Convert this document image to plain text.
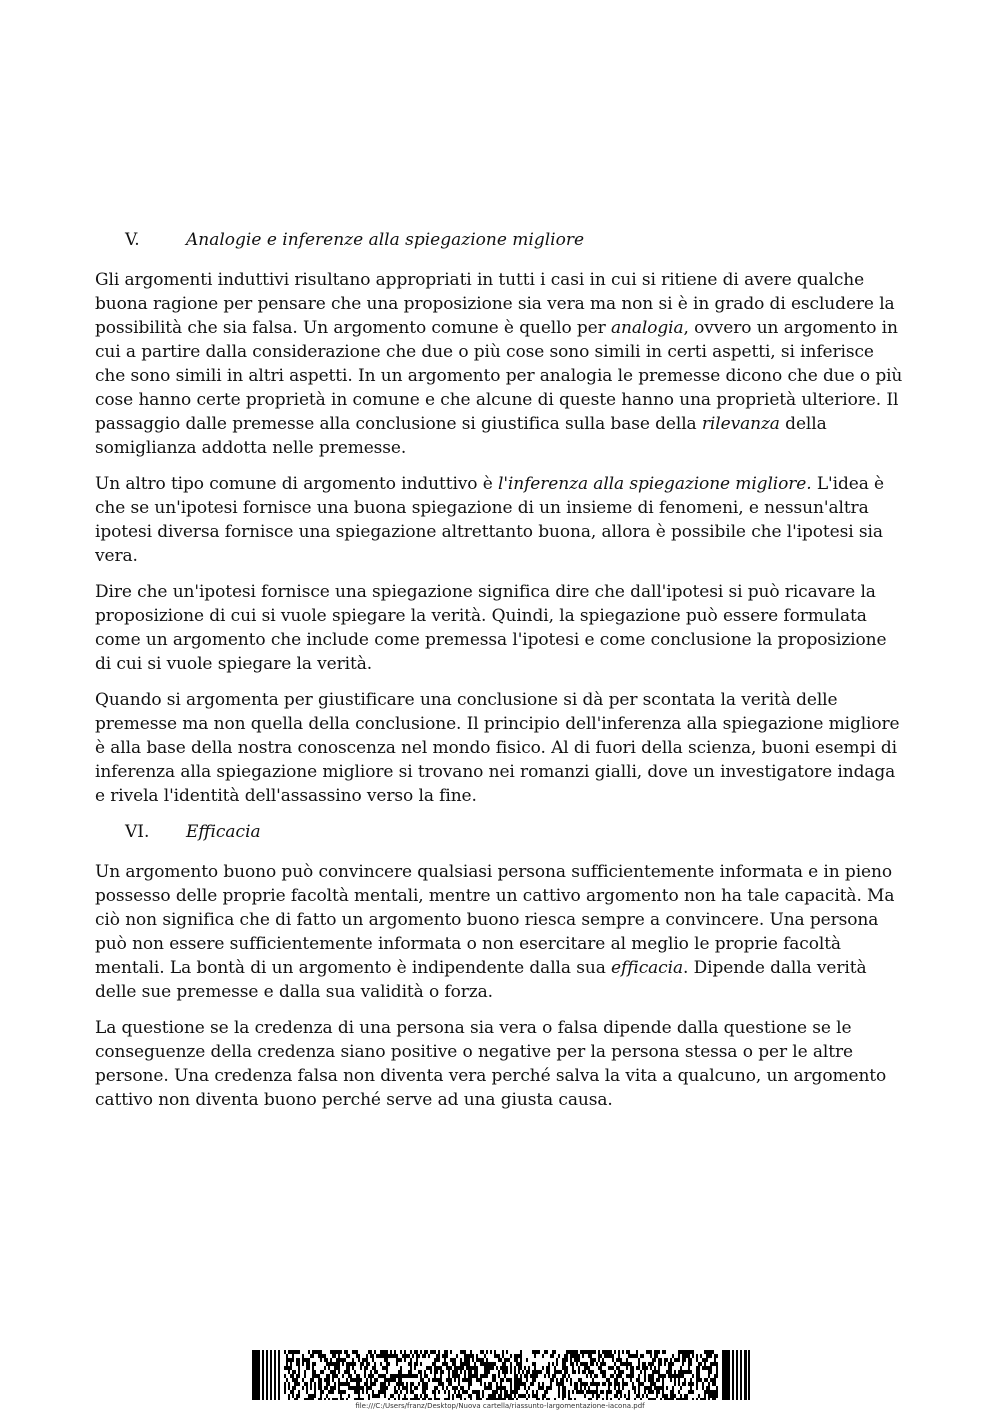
V.	Analogie e inferenze alla spiegazione migliore

Gli argomenti induttivi risultano appropriati in tutti i casi in cui si ritiene di avere qualche buona ragione per pensare che una proposizione sia vera ma non si è in grado di escludere la possibilità che sia falsa. Un argomento comune è quello per analogia, ovvero un argomento in cui a partire dalla considerazione che due o più cose sono simili in certi aspetti, si inferisce che sono simili in altri aspetti. In un argomento per analogia le premesse dicono che due o più cose hanno certe proprietà in comune e che alcune di queste hanno una proprietà ulteriore. Il passaggio dalle premesse alla conclusione si giustifica sulla base della rilevanza della somiglianza addotta nelle premesse.

Un altro tipo comune di argomento induttivo è l'inferenza alla spiegazione migliore. L'idea è che se un'ipotesi fornisce una buona spiegazione di un insieme di fenomeni, e nessun'altra ipotesi diversa fornisce una spiegazione altrettanto buona, allora è possibile che l'ipotesi sia vera.

Dire che un'ipotesi fornisce una spiegazione significa dire che dall'ipotesi si può ricavare la proposizione di cui si vuole spiegare la verità. Quindi, la spiegazione può essere formulata come un argomento che include come premessa l'ipotesi e come conclusione la proposizione di cui si vuole spiegare la verità.

Quando si argomenta per giustificare una conclusione si dà per scontata la verità delle premesse ma non quella della conclusione. Il principio dell'inferenza alla spiegazione migliore è alla base della nostra conoscenza nel mondo fisico. Al di fuori della scienza, buoni esempi di inferenza alla spiegazione migliore si trovano nei romanzi gialli, dove un investigatore indaga e rivela l'identità dell'assassino verso la fine.

VI. Efficacia

Un argomento buono può convincere qualsiasi persona sufficientemente informata e in pieno possesso delle proprie facoltà mentali, mentre un cattivo argomento non ha tale capacità. Ma ciò non significa che di fatto un argomento buono riesca sempre a convincere. Una persona può non essere sufficientemente informata o non esercitare al meglio le proprie facoltà mentali. La bontà di un argomento è indipendente dalla sua efficacia. Dipende dalla verità delle sue premesse e dalla sua validità o forza.

La questione se la credenza di una persona sia vera o falsa dipende dalla questione se le conseguenze della credenza siano positive o negative per la persona stessa o per le altre persone. Una credenza falsa non diventa vera perché salva la vita a qualcuno, un argomento cattivo non diventa buono perché serve ad una giusta causa.

file:///C:/Users/franz/Desktop/Nuova cartella/riassunto-largomentazione-iacona.pdf
